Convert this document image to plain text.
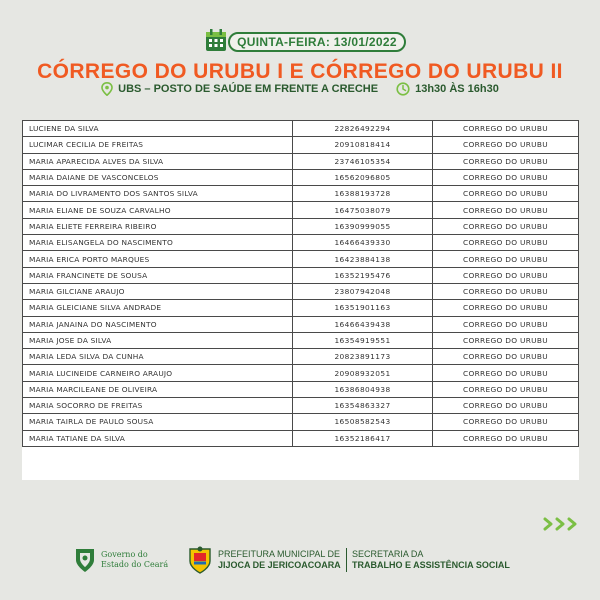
QUINTA-FEIRA: 13/01/2022
CÓRREGO DO URUBU I E CÓRREGO DO URUBU II
UBS – POSTO DE SAÚDE EM FRENTE A CRECHE	13h30 ÀS 16h30
LUCIENE DA SILVA	22826492294	CORREGO DO URUBU
LUCIMAR CECILIA DE FREITAS	20910818414	CORREGO DO URUBU
MARIA APARECIDA ALVES DA SILVA	23746105354	CORREGO DO URUBU
MARIA DAIANE DE VASCONCELOS	16562096805	CORREGO DO URUBU
MARIA DO LIVRAMENTO DOS SANTOS SILVA	16388193728	CORREGO DO URUBU
MARIA ELIANE DE SOUZA CARVALHO	16475038079	CORREGO DO URUBU
MARIA ELIETE FERREIRA RIBEIRO	16390999055	CORREGO DO URUBU
MARIA ELISANGELA DO NASCIMENTO	16466439330	CORREGO DO URUBU
MARIA ERICA PORTO MARQUES	16423884138	CORREGO DO URUBU
MARIA FRANCINETE DE SOUSA	16352195476	CORREGO DO URUBU
MARIA GILCIANE ARAUJO	23807942048	CORREGO DO URUBU
MARIA GLEICIANE SILVA ANDRADE	16351901163	CORREGO DO URUBU
MARIA JANAINA DO NASCIMENTO	16466439438	CORREGO DO URUBU
MARIA JOSE DA SILVA	16354919551	CORREGO DO URUBU
MARIA LEDA SILVA DA CUNHA	20823891173	CORREGO DO URUBU
MARIA LUCINEIDE CARNEIRO ARAUJO	20908932051	CORREGO DO URUBU
MARIA MARCILEANE DE OLIVEIRA	16386804938	CORREGO DO URUBU
MARIA SOCORRO DE FREITAS	16354863327	CORREGO DO URUBU
MARIA TAIRLA DE PAULO SOUSA	16508582543	CORREGO DO URUBU
MARIA TATIANE DA SILVA	16352186417	CORREGO DO URUBU
Governo do
Estado do Ceará
PREFEITURA MUNICIPAL DE
JIJOCA DE JERICOACOARA
SECRETARIA DA
TRABALHO E ASSISTÊNCIA SOCIAL
